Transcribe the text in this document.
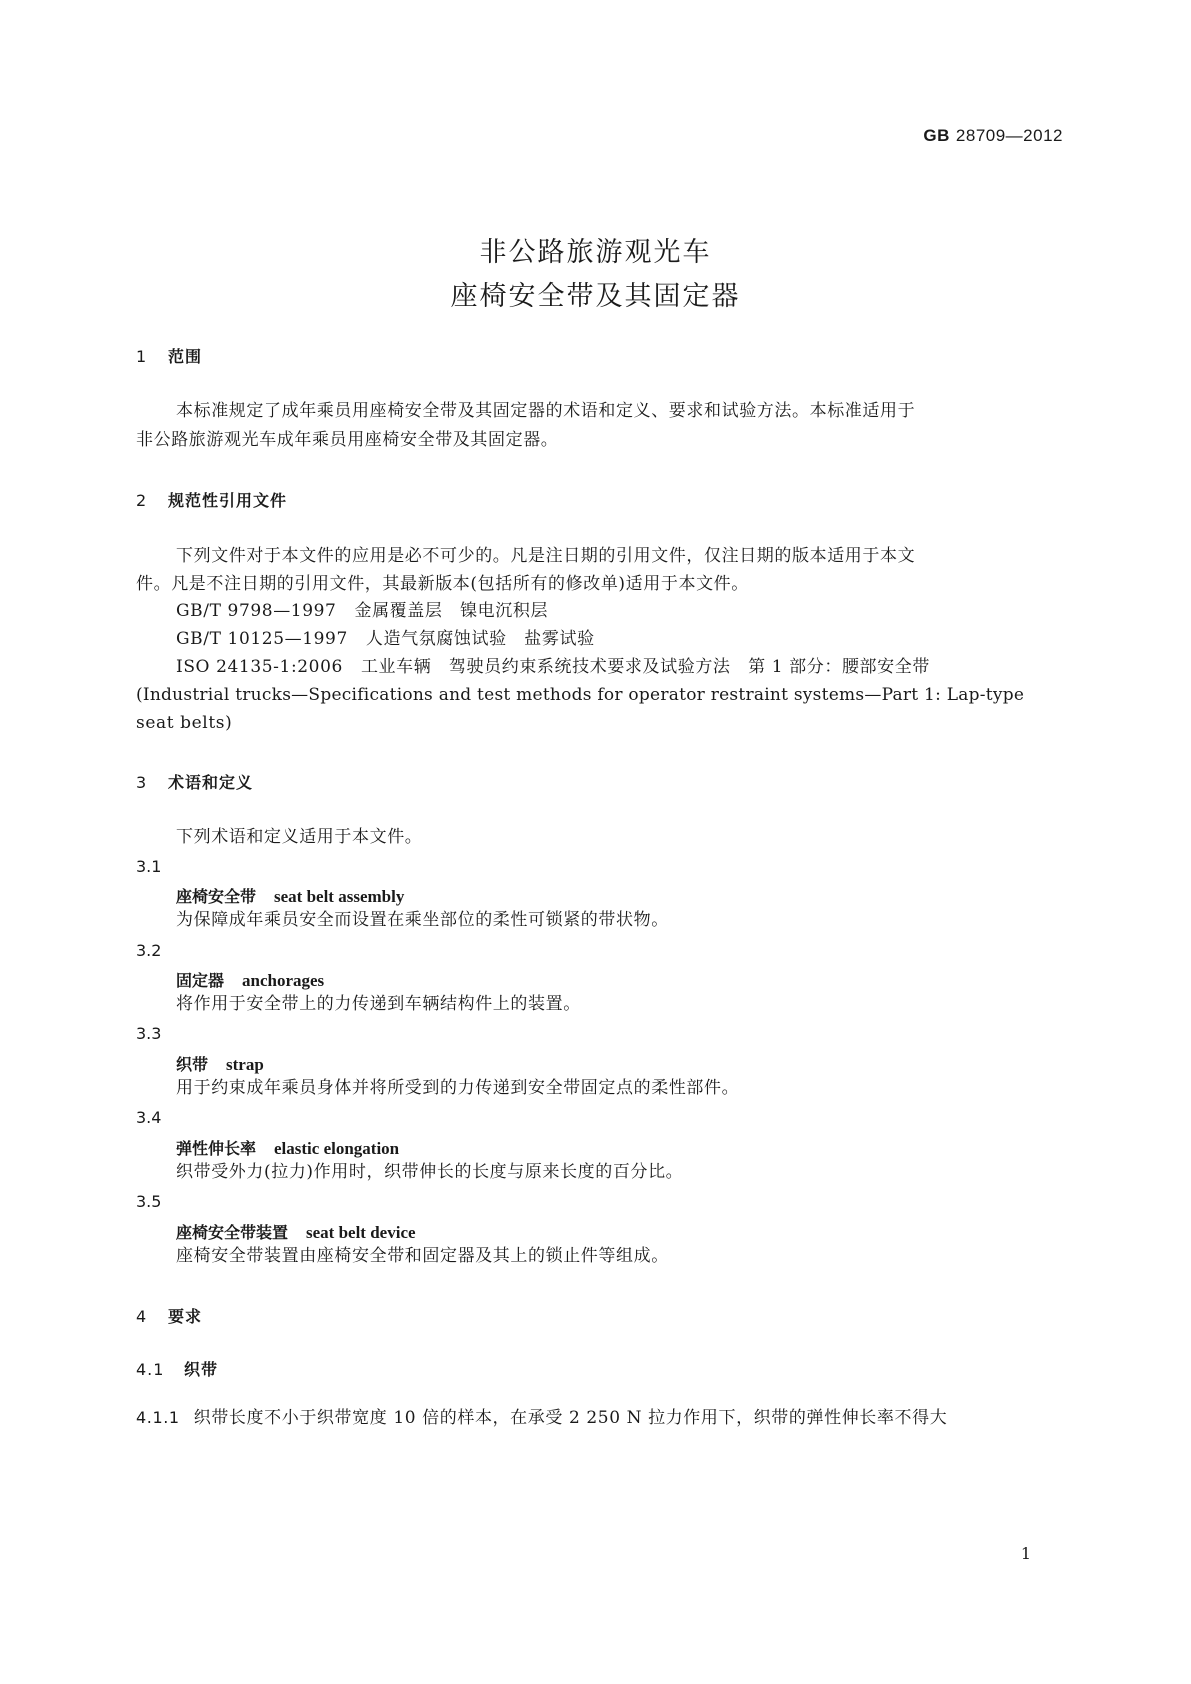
GB 28709—2012
非公路旅游观光车
座椅安全带及其固定器
1 范围
本标准规定了成年乘员用座椅安全带及其固定器的术语和定义、要求和试验方法。本标准适用于
非公路旅游观光车成年乘员用座椅安全带及其固定器。
2 规范性引用文件
下列文件对于本文件的应用是必不可少的。凡是注日期的引用文件，仅注日期的版本适用于本文
件。凡是不注日期的引用文件，其最新版本(包括所有的修改单)适用于本文件。
GB/T 9798—1997 金属覆盖层　镍电沉积层
GB/T 10125—1997 人造气氛腐蚀试验　盐雾试验
ISO 24135-1:2006 工业车辆　驾驶员约束系统技术要求及试验方法　第 1 部分：腰部安全带
(Industrial trucks—Specifications and test methods for operator restraint systems—Part 1: Lap-type
seat belts)
3 术语和定义
下列术语和定义适用于本文件。
3.1
座椅安全带 seat belt assembly
为保障成年乘员安全而设置在乘坐部位的柔性可锁紧的带状物。
3.2
固定器 anchorages
将作用于安全带上的力传递到车辆结构件上的装置。
3.3
织带 strap
用于约束成年乘员身体并将所受到的力传递到安全带固定点的柔性部件。
3.4
弹性伸长率 elastic elongation
织带受外力(拉力)作用时，织带伸长的长度与原来长度的百分比。
3.5
座椅安全带装置 seat belt device
座椅安全带装置由座椅安全带和固定器及其上的锁止件等组成。
4 要求
4.1 织带
4.1.1 织带长度不小于织带宽度 10 倍的样本，在承受 2 250 N 拉力作用下，织带的弹性伸长率不得大
1
